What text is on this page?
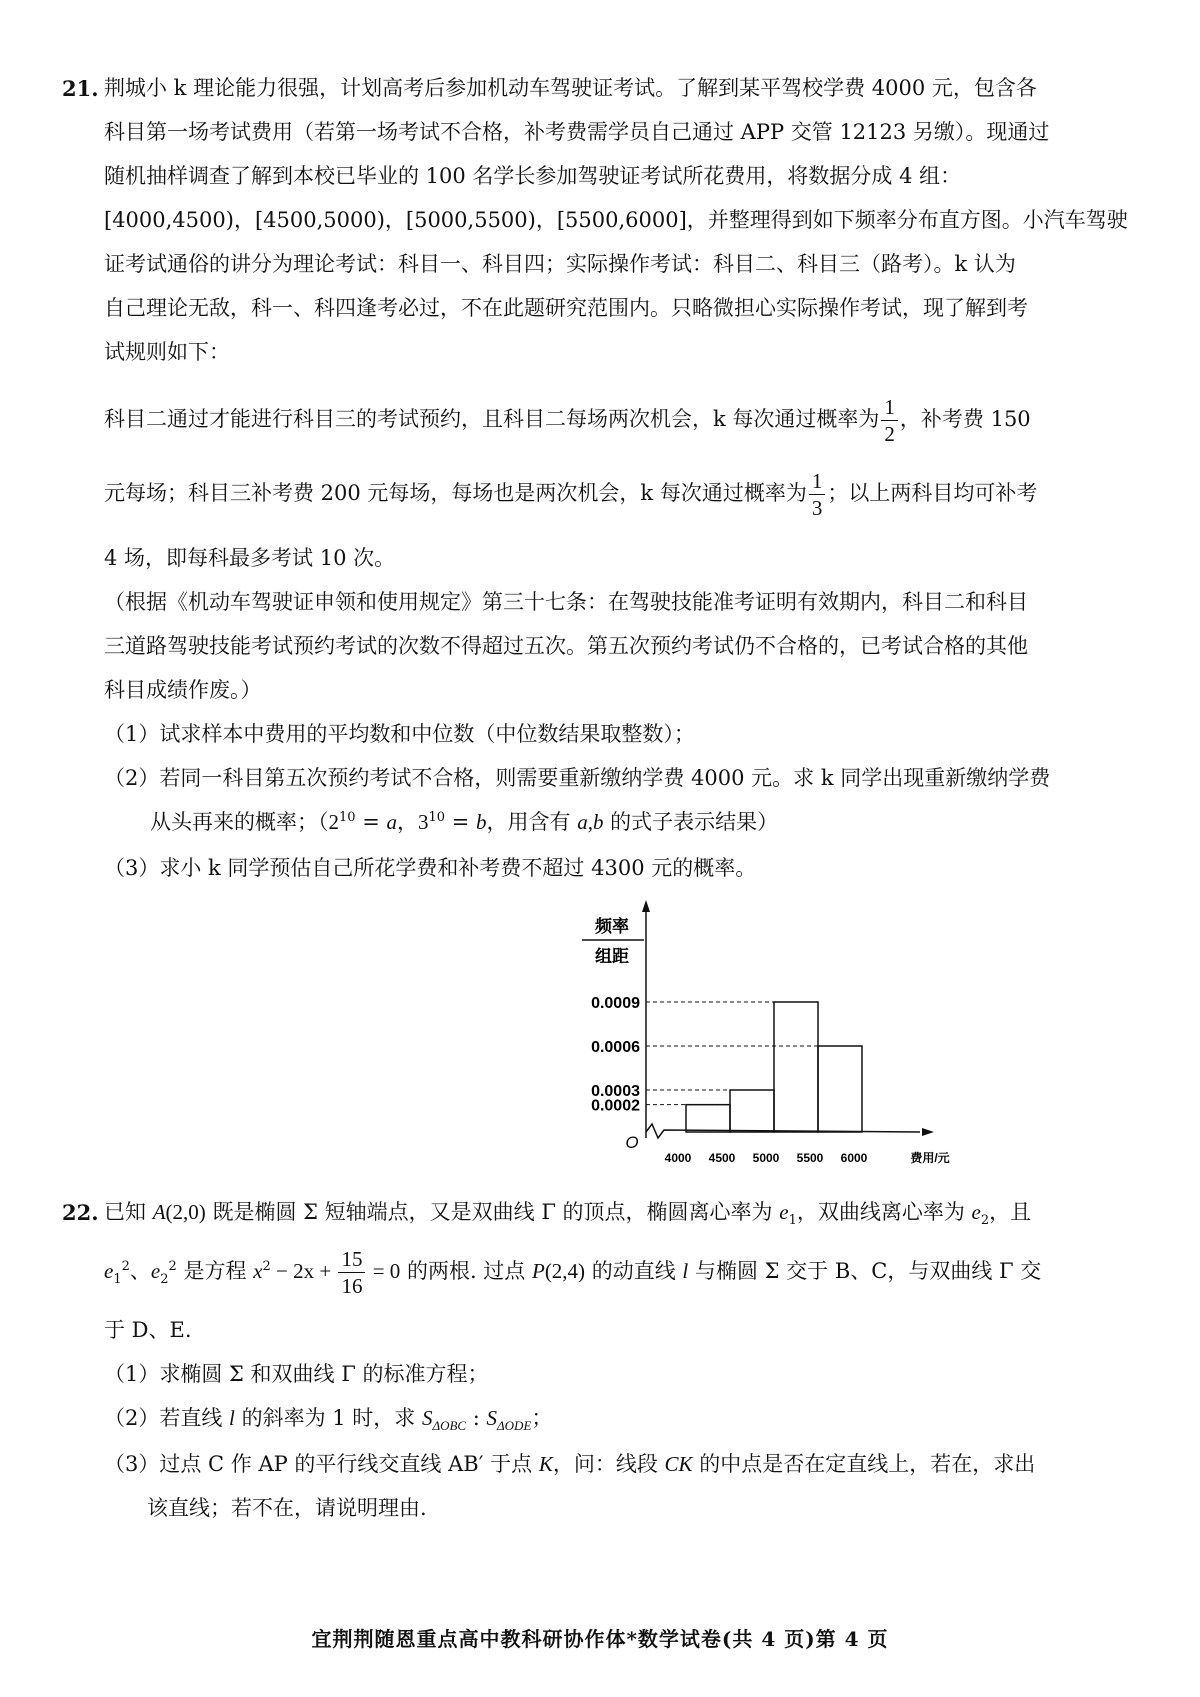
21. 荆城小 k 理论能力很强，计划高考后参加机动车驾驶证考试。了解到某平驾校学费 4000 元，包含各
科目第一场考试费用（若第一场考试不合格，补考费需学员自己通过 APP 交管 12123 另缴）。现通过
随机抽样调查了解到本校已毕业的 100 名学长参加驾驶证考试所花费用，将数据分成 4 组：
[4000,4500)，[4500,5000)，[5000,5500)，[5500,6000]，并整理得到如下频率分布直方图。小汽车驾驶
证考试通俗的讲分为理论考试：科目一、科目四；实际操作考试：科目二、科目三（路考）。k 认为
自己理论无敌，科一、科四逢考必过，不在此题研究范围内。只略微担心实际操作考试，现了解到考
试规则如下：
科目二通过才能进行科目三的考试预约，且科目二每场两次机会，k 每次通过概率为 $\frac{1}{2}$ ，补考费 150
元每场；科目三补考费 200 元每场，每场也是两次机会，k 每次通过概率为 $\frac{1}{3}$ ；以上两科目均可补考
4 场，即每科最多考试 10 次。
（根据《机动车驾驶证申领和使用规定》第三十七条：在驾驶技能准考证明有效期内，科目二和科目
三道路驾驶技能考试预约考试的次数不得超过五次。第五次预约考试仍不合格的，已考试合格的其他
科目成绩作废。）
（1）试求样本中费用的平均数和中位数（中位数结果取整数）；
（2）若同一科目第五次预约考试不合格，则需要重新缴纳学费 4000 元。求 k 同学出现重新缴纳学费
从头再来的概率；（$2^{10} = a$，$3^{10} = b$，用含有 a,b 的式子表示结果）
（3）求小 k 同学预估自己所花学费和补考费不超过 4300 元的概率。
频率
组距
O
0.0009
0.0006
0.0003
0.0002
4000 4500 5000 5500 6000	费用/元
22. 已知 A(2,0) 既是椭圆 Σ 短轴端点，又是双曲线 Γ 的顶点，椭圆离心率为 $e_1$，双曲线离心率为 $e_2$，且
$e_1^2$、$e_2^2$ 是方程 $x^2 - 2x + \frac{15}{16} = 0$ 的两根. 过点 P(2,4) 的动直线 l 与椭圆 Σ 交于 B、C，与双曲线 Γ 交
于 D、E.
（1）求椭圆 Σ 和双曲线 Γ 的标准方程；
（2）若直线 l 的斜率为 1 时，求 $S_{\Delta OBC}$ : $S_{\Delta ODE}$；
（3）过点 C 作 AP 的平行线交直线 AB′ 于点 K，问：线段 CK 的中点是否在定直线上，若在，求出
该直线；若不在，请说明理由.
宜荆荆随恩重点高中教科研协作体*数学试卷(共 4 页)第 4 页
